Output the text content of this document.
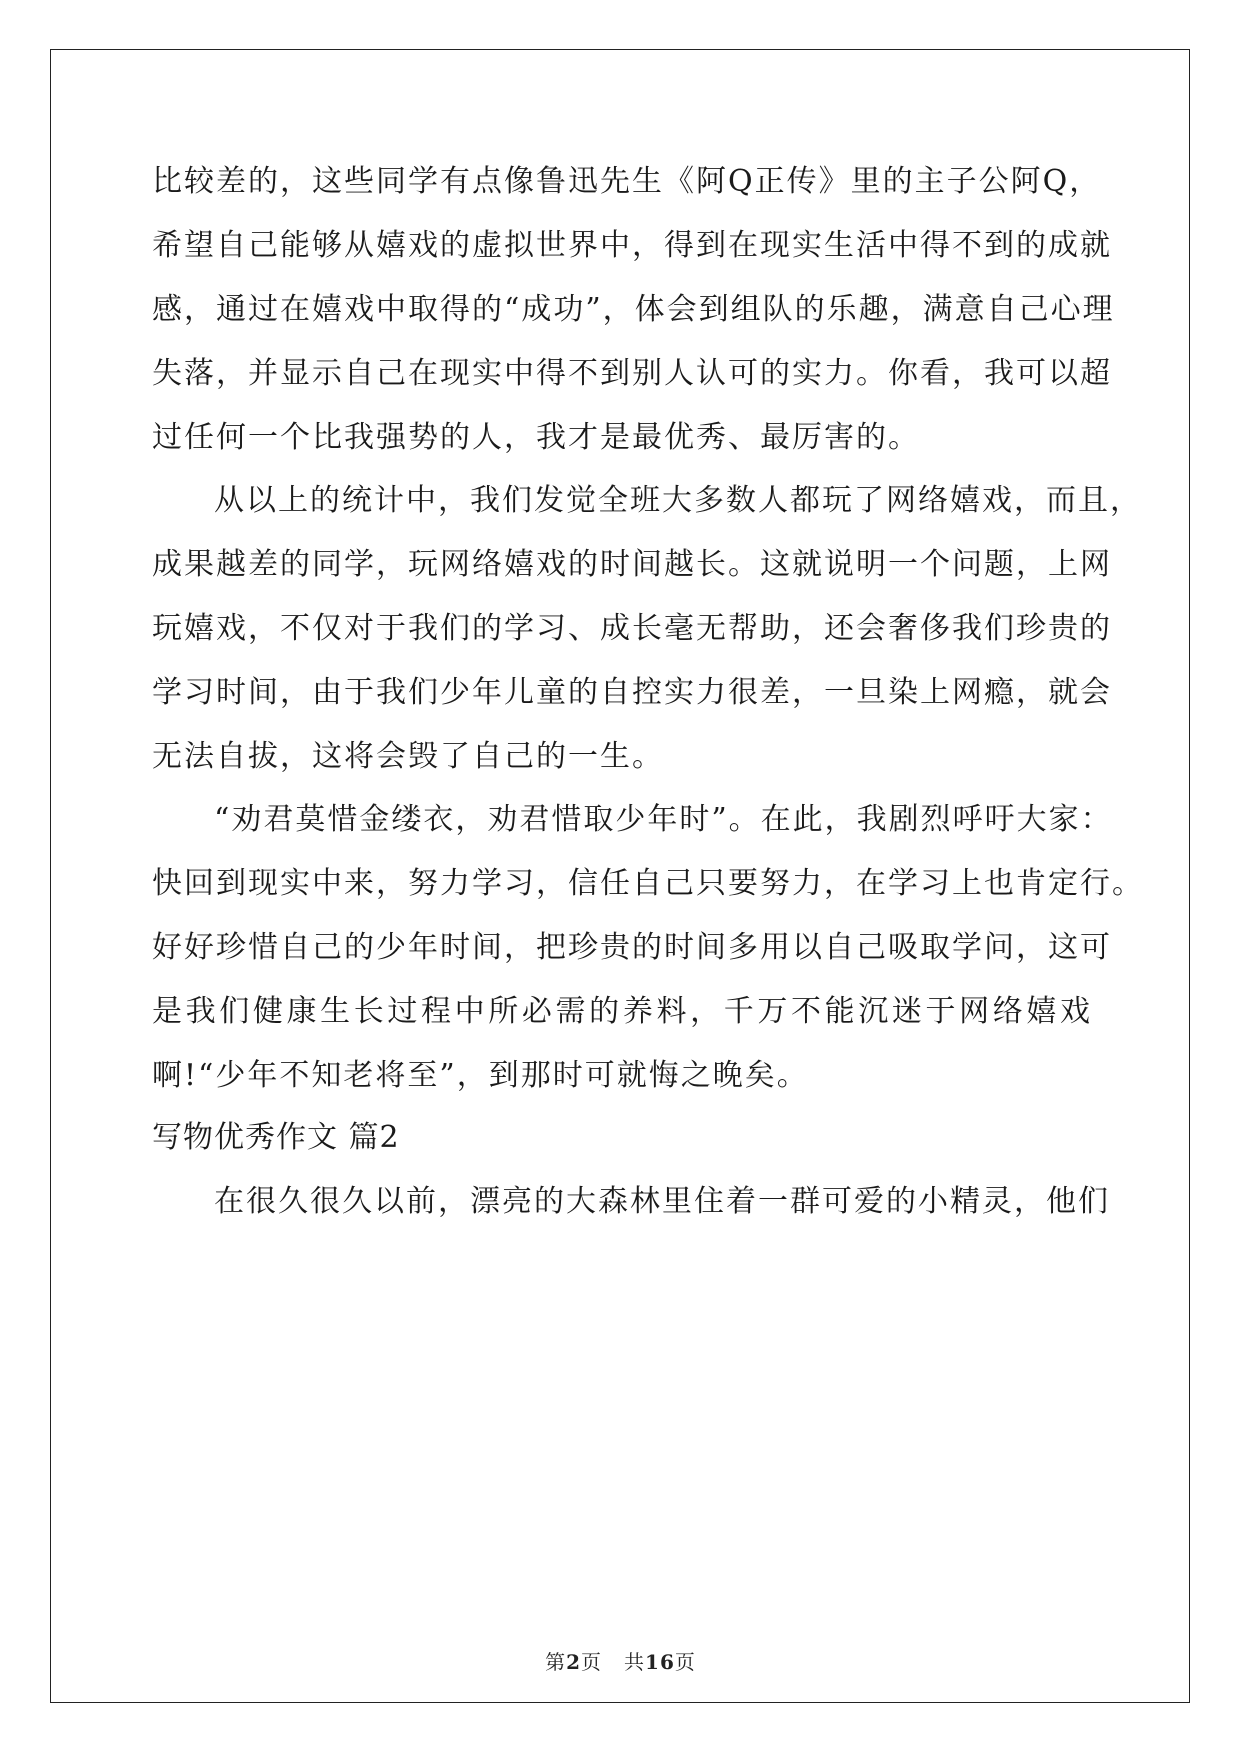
比较差的，这些同学有点像鲁迅先生《阿Q正传》里的主子公阿Q，
希望自己能够从嬉戏的虚拟世界中，得到在现实生活中得不到的成就
感，通过在嬉戏中取得的“成功”，体会到组队的乐趣，满意自己心理
失落，并显示自己在现实中得不到别人认可的实力。你看，我可以超
过任何一个比我强势的人，我才是最优秀、最厉害的。
从以上的统计中，我们发觉全班大多数人都玩了网络嬉戏，而且，
成果越差的同学，玩网络嬉戏的时间越长。这就说明一个问题，上网
玩嬉戏，不仅对于我们的学习、成长毫无帮助，还会奢侈我们珍贵的
学习时间，由于我们少年儿童的自控实力很差，一旦染上网瘾，就会
无法自拔，这将会毁了自己的一生。
“劝君莫惜金缕衣，劝君惜取少年时”。在此，我剧烈呼吁大家：
快回到现实中来，努力学习，信任自己只要努力，在学习上也肯定行。
好好珍惜自己的少年时间，把珍贵的时间多用以自己吸取学问，这可
是我们健康生长过程中所必需的养料，千万不能沉迷于网络嬉戏
啊!“少年不知老将至”，到那时可就悔之晚矣。
写物优秀作文 篇2
在很久很久以前，漂亮的大森林里住着一群可爱的小精灵，他们
第2页 共16页
